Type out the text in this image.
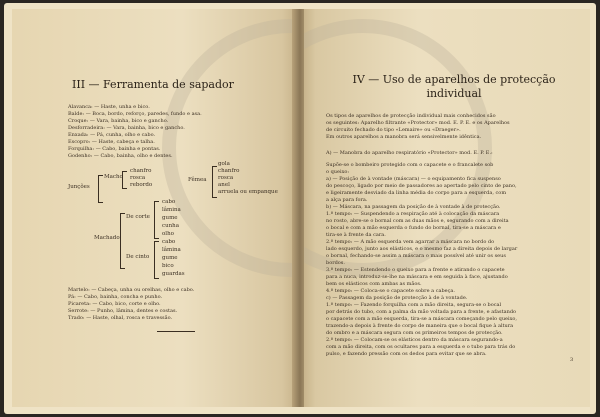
III — Ferramenta de sapador
Alavanca: — Haste, unha e bico.
Balde: — Boca, bordo, reforço, paredes, fundo e asa.
Croque: — Vara, bainha, bico e gancho.
Desforradeira: — Vara, bainha, bico e gancho.
Enxada: — Pá, cunha, olho e cabo.
Escopro: — Haste, cabeça e talha.
Forquilha: — Cabo, bainha e pontas.
Godenho: — Cabo, bainha, olho e dentes.
Junções
Macho
chanfro
rosca
rebordo
Fêmea
gola
chanfro
rosca
anel
arruela ou empanque
Machado
De corte
cabo
lâmina
gume
cunha
olho
De cinto
cabo
lâmina
gume
bico
guardas
Martelo: — Cabeça, unha ou orelhas, olho e cabo.
Pá: — Cabo, bainha, concha e punho.
Picareta: — Cabo, bico, corte e olho.
Serrote: — Punho, lâmina, dentes e costas.
Trado: — Haste, olhal, rosca e travessão.
IV — Uso de aparelhos de protecção
individual
Os tipos de aparelhos de protecção individual mais conhecidos são
os seguintes: Aparelho filtrante «Protector» mod. E. P. E. e os Aparelhos
de circuito fechado do tipo «Lemaire» ou «Draeger».
Em outros aparelhos a manobra será sensivelmente idêntica.
A) — Manobra do aparelho respiratório «Protector» mod. E. P. E.:
Supõe-se o bombeiro protegido com o capacete e o francalete sob
o queixo:
a) — Posição de à vontade (máscara) — o equipamento fica suspenso
do pescoço, ligado por meio de passadores ao apertado pelo cinto de pano,
e ligeiramente desviado da linha média do corpo para a esquerda, com
a alça para fora.
b) — Máscara, na passagem da posição de à vontade à de protecção.
1.º tempo: — Suspendendo a respiração até à colocação da máscara
no rosto, abre-se o bornal com as duas mãos e, segurando com a direita
o bocal e com a mão esquerda o fundo do bornal, tira-se a máscara e
tira-se à frente da cara.
2.º tempo: — A mão esquerda vem agarrar a máscara no bordo do
lado esquerdo, junto aos elásticos, e o mesmo faz a direita depois de largar
o bornal, fechando-se assim a máscara o mais possível até unir os seus
bordos.
3.º tempo: — Estendendo o queixo para a frente e atirando o capacete
para a nuca, introduz-se-lhe na máscara e em seguida à face, ajustando
bem os elásticos com ambas as mãos.
4.º tempo: — Coloca-se o capacete sobre a cabeça.
c) — Passagem da posição de protecção à de à vontade.
1.º tempo: — Fazendo forquilha com a mão direita, segura-se o bocal
por detrás do tubo, com a palma da mão voltada para a frente, e afastando
o capacete com a mão esquerda, tira-se a máscara começando pelo queixo,
trazendo-a depois à frente do corpo de maneira que o bocal fique à altura
do ombro e a máscara segura com os primeiros tempos de protecção.
2.º tempo: — Colocam-se os elásticos dentro da máscara segurando-a
com a mão direita, com os ocultares para a esquerda e o tubo para trás do
pulso, e fazendo pressão com os dedos para evitar que se abra.
3
